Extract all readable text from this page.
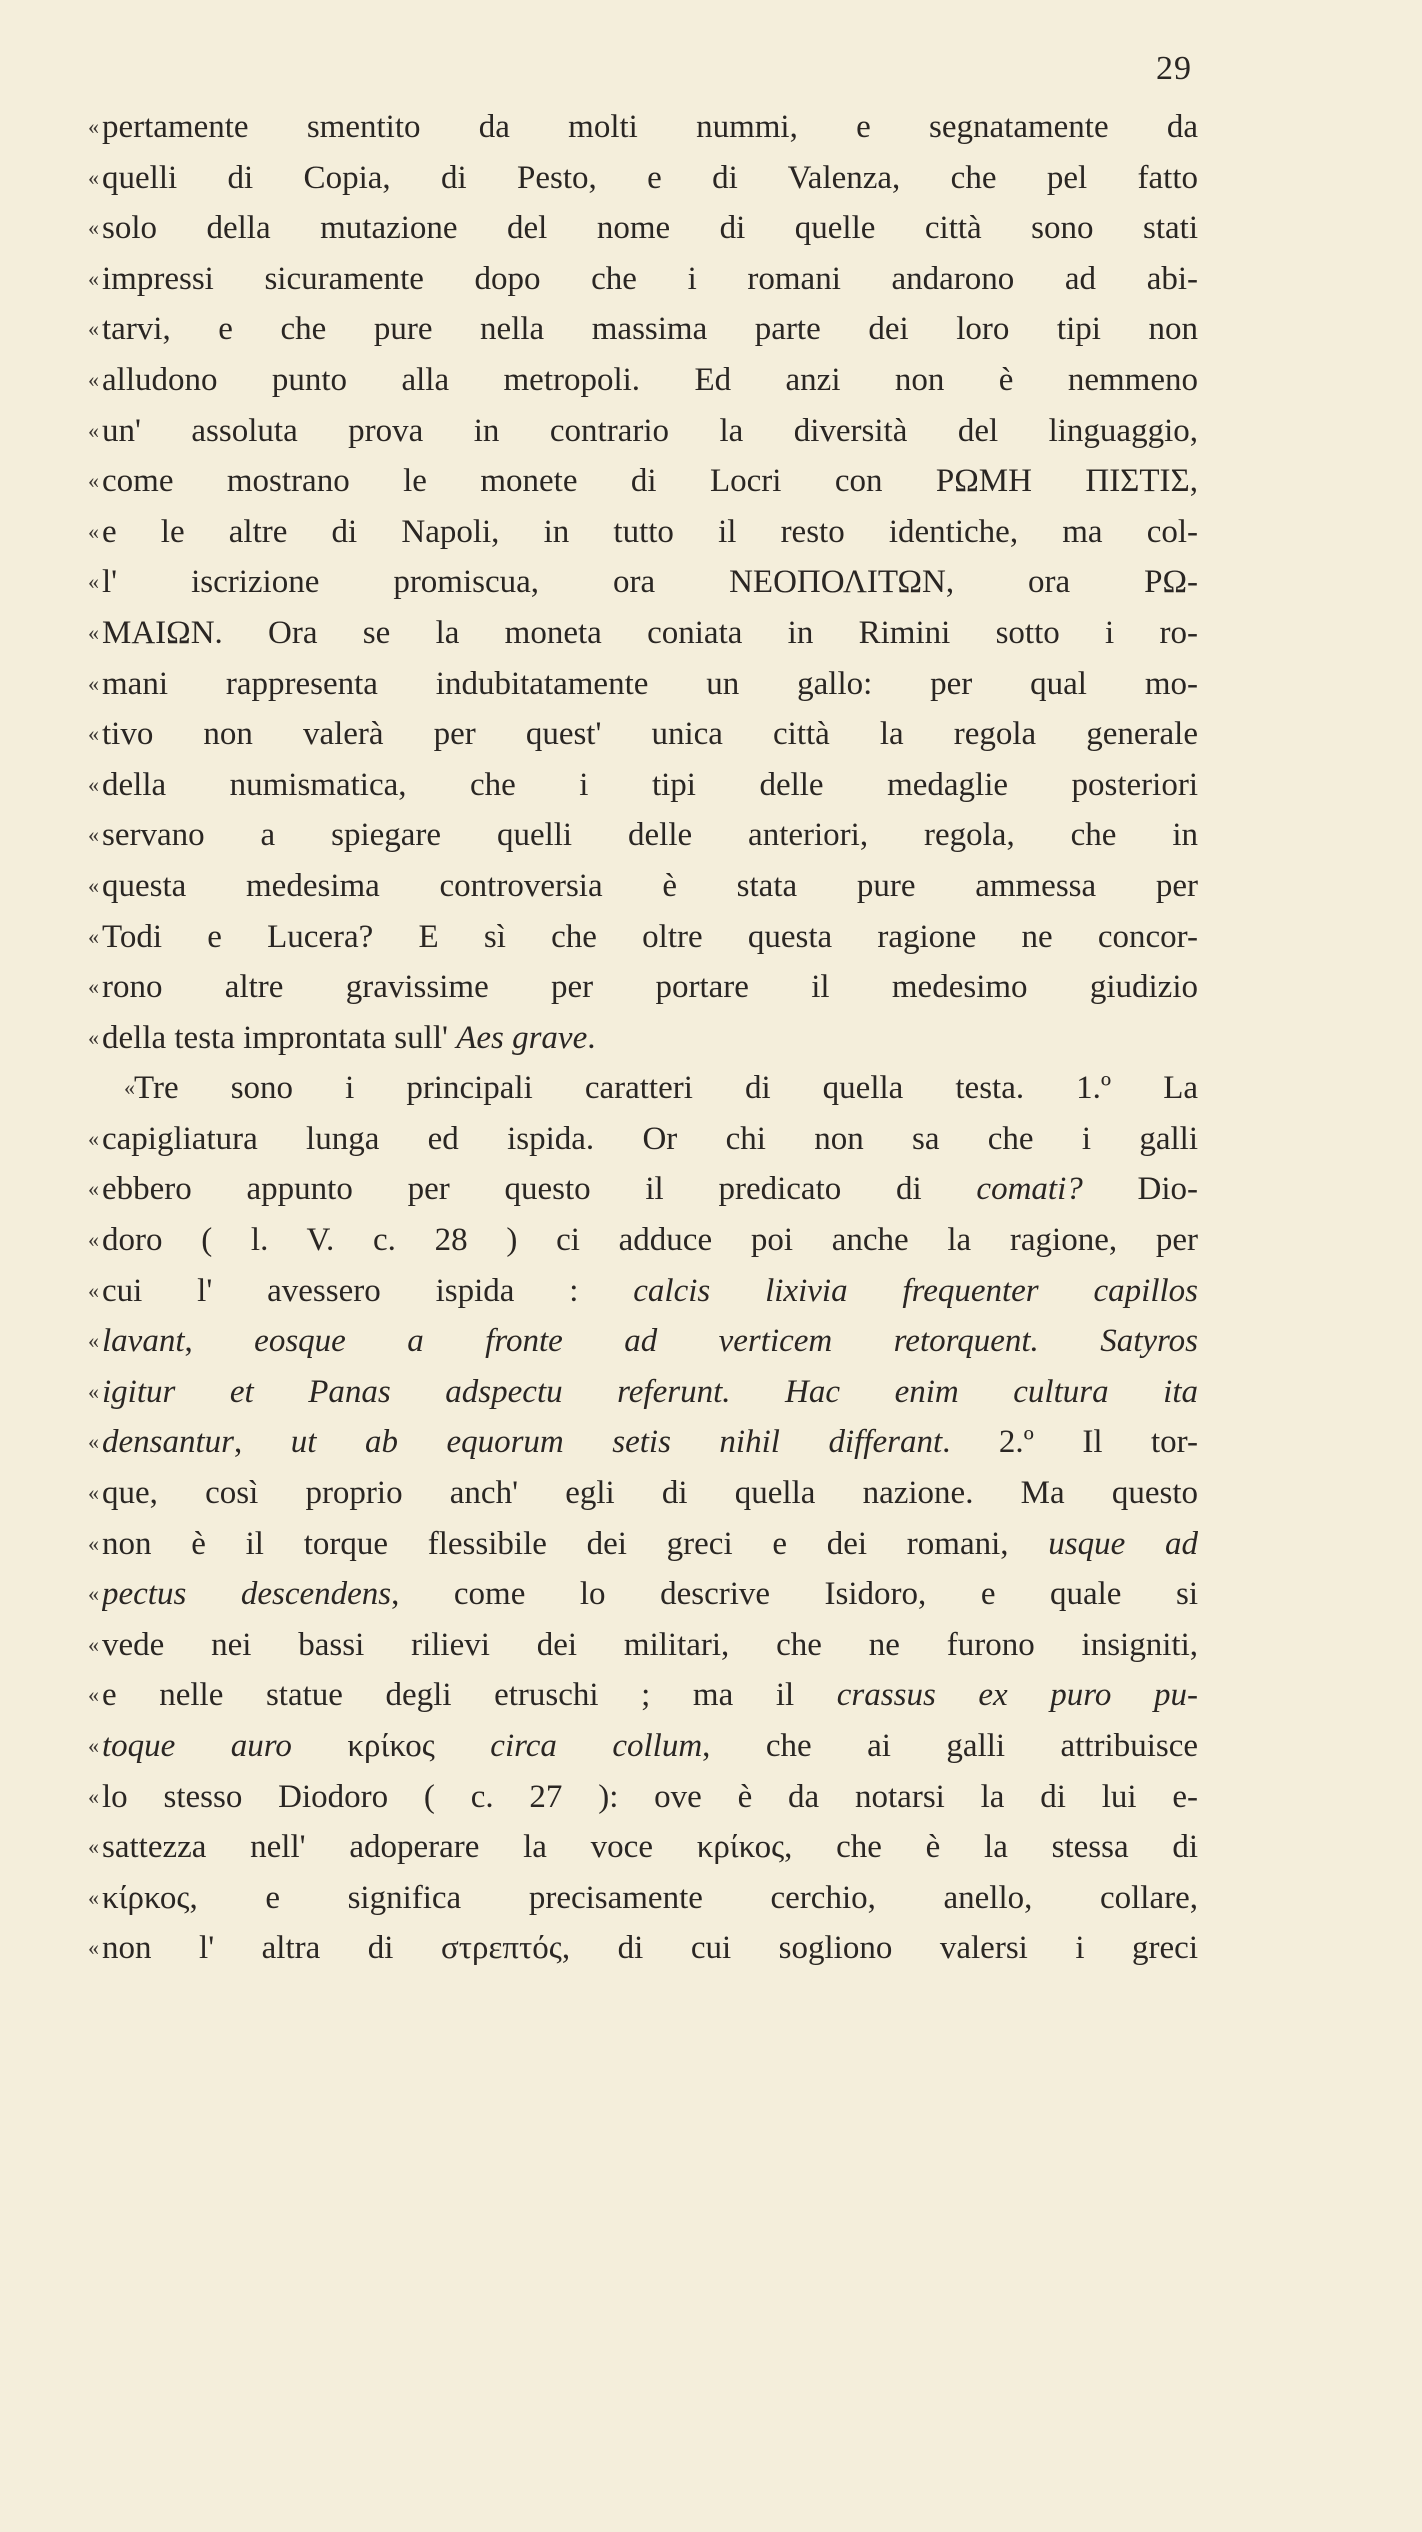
29
« pertamente smentito da molti nummi, e segnatamente da
« quelli di Copia, di Pesto, e di Valenza, che pel fatto
« solo della mutazione del nome di quelle città sono stati
« impressi sicuramente dopo che i romani andarono ad abi-
« tarvi, e che pure nella massima parte dei loro tipi non
« alludono punto alla metropoli. Ed anzi non è nemmeno
« un' assoluta prova in contrario la diversità del linguaggio,
« come mostrano le monete di Locri con ΡΩΜΗ ΠΙΣΤΙΣ,
« e le altre di Napoli, in tutto il resto identiche, ma col-
« l' iscrizione promiscua, ora ΝΕΟΠΟΛΙΤΩΝ, ora ΡΩ-
« ΜΑΙΩΝ. Ora se la moneta coniata in Rimini sotto i ro-
« mani rappresenta indubitatamente un gallo: per qual mo-
« tivo non valerà per quest' unica città la regola generale
« della numismatica, che i tipi delle medaglie posteriori
« servano a spiegare quelli delle anteriori, regola, che in
« questa medesima controversia è stata pure ammessa per
« Todi e Lucera? E sì che oltre questa ragione ne concor-
« rono altre gravissime per portare il medesimo giudizio
« della testa improntata sull' Aes grave.
« Tre sono i principali caratteri di quella testa. 1.º La
« capigliatura lunga ed ispida. Or chi non sa che i galli
« ebbero appunto per questo il predicato di comati? Dio-
« doro ( l. V. c. 28 ) ci adduce poi anche la ragione, per
« cui l' avessero ispida : calcis lixivia frequenter capillos
« lavant, eosque a fronte ad verticem retorquent. Satyros
« igitur et Panas adspectu referunt. Hac enim cultura ita
« densantur, ut ab equorum setis nihil differant. 2.º Il tor-
« que, così proprio anch' egli di quella nazione. Ma questo
« non è il torque flessibile dei greci e dei romani, usque ad
« pectus descendens, come lo descrive Isidoro, e quale si
« vede nei bassi rilievi dei militari, che ne furono insigniti,
« e nelle statue degli etruschi ; ma il crassus ex puro pu-
« toque auro κρίκος circa collum, che ai galli attribuisce
« lo stesso Diodoro ( c. 27 ): ove è da notarsi la di lui e-
« sattezza nell' adoperare la voce κρίκος, che è la stessa di
« κίρκος, e significa precisamente cerchio, anello, collare,
« non l' altra di στρεπτός, di cui sogliono valersi i greci
